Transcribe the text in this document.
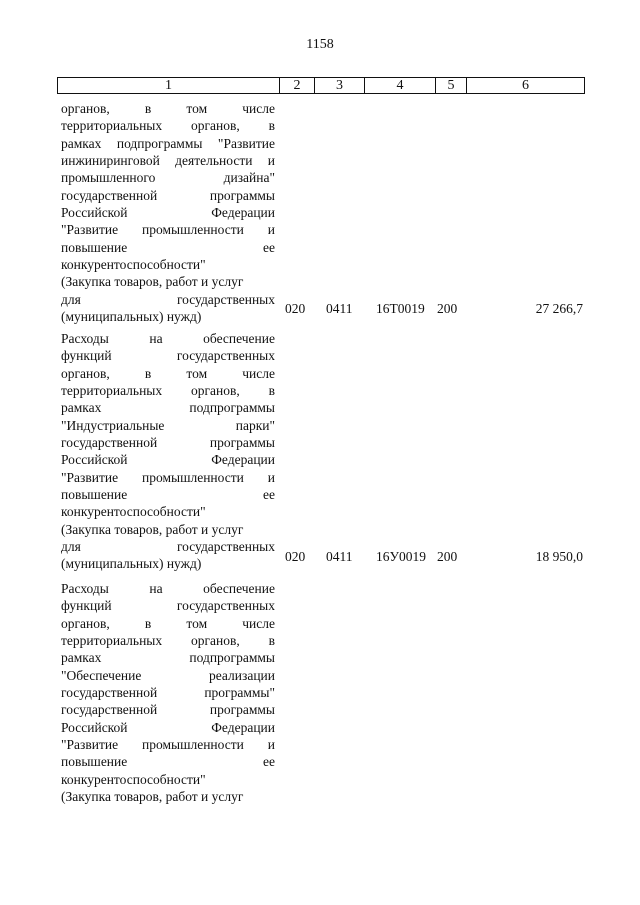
1158
1	2	3	4	5	6
органов, в том числе
территориальных органов, в
рамках подпрограммы "Развитие
инжиниринговой деятельности и
промышленного дизайна"
государственной программы
Российской Федерации
"Развитие промышленности и
повышение ее
конкурентоспособности"
(Закупка товаров, работ и услуг
для государственных
(муниципальных) нужд)
020 0411 16Т0019 200	27 266,7
Расходы на обеспечение
функций государственных
органов, в том числе
территориальных органов, в
рамках подпрограммы
"Индустриальные парки"
государственной программы
Российской Федерации
"Развитие промышленности и
повышение ее
конкурентоспособности"
(Закупка товаров, работ и услуг
для государственных
(муниципальных) нужд)
020 0411 16У0019 200	18 950,0
Расходы на обеспечение
функций государственных
органов, в том числе
территориальных органов, в
рамках подпрограммы
"Обеспечение реализации
государственной программы"
государственной программы
Российской Федерации
"Развитие промышленности и
повышение ее
конкурентоспособности"
(Закупка товаров, работ и услуг
